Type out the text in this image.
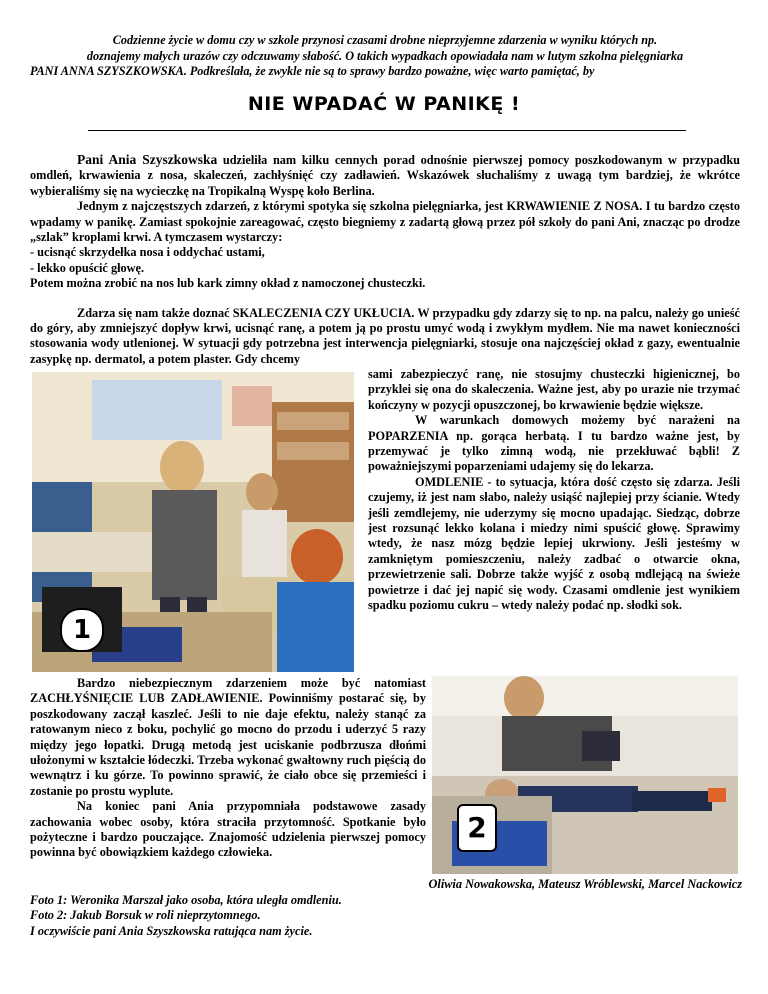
Codzienne życie w domu czy w szkole przynosi czasami drobne nieprzyjemne zdarzenia w wyniku których np.
doznajemy małych urazów czy odczuwamy słabość. O takich wypadkach opowiadała nam w lutym szkolna pielęgniarka
PANI ANNA SZYSZKOWSKA. Podkreślała, że zwykle nie są to sprawy bardzo poważne, więc warto pamiętać, by
NIE WPADAĆ W PANIKĘ !

Pani Ania Szyszkowska udzieliła nam kilku cennych porad odnośnie pierwszej pomocy poszkodowanym w przypadku omdleń, krwawienia z nosa, skaleczeń, zachłyśnięć czy zadławień. Wskazówek słuchaliśmy z uwagą tym bardziej, że wkrótce wybieraliśmy się na wycieczkę na Tropikalną Wyspę koło Berlina.

Jednym z najczęstszych zdarzeń, z którymi spotyka się szkolna pielęgniarka, jest KRWAWIENIE Z NOSA. I tu bardzo często wpadamy w panikę. Zamiast spokojnie zareagować, często biegniemy z zadartą głową przez pół szkoły do pani Ani, znacząc po drodze „szlak” kroplami krwi. A tymczasem wystarczy:

- ucisnąć skrzydełka nosa i oddychać ustami,

- lekko opuścić głowę.

Potem można zrobić na nos lub kark zimny okład z namoczonej chusteczki.

Zdarza się nam także doznać SKALECZENIA CZY UKŁUCIA. W przypadku gdy zdarzy się to np. na palcu, należy go unieść do góry, aby zmniejszyć dopływ krwi, ucisnąć ranę, a potem ją po prostu umyć wodą i zwykłym mydłem. Nie ma nawet konieczności stosowania wody utlenionej. W sytuacji gdy potrzebna jest interwencja pielęgniarki, stosuje ona najczęściej okład z gazy, ewentualnie zasypkę np. dermatol, a potem plaster. Gdy chcemy

1

sami zabezpieczyć ranę, nie stosujmy chusteczki higienicznej, bo przyklei się ona do skaleczenia. Ważne jest, aby po urazie nie trzymać kończyny w pozycji opuszczonej, bo krwawienie będzie większe.

W warunkach domowych możemy być narażeni na POPARZENIA np. gorąca herbatą. I tu bardzo ważne jest, by przemywać je tylko zimną wodą, nie przekłuwać bąbli! Z poważniejszymi poparzeniami udajemy się do lekarza.

OMDLENIE - to sytuacja, która dość często się zdarza. Jeśli czujemy, iż jest nam słabo, należy usiąść najlepiej przy ścianie. Wtedy jeśli zemdlejemy, nie uderzymy się mocno upadając. Siedząc, dobrze jest rozsunąć lekko kolana i miedzy nimi spuścić głowę. Sprawimy wtedy, że nasz mózg będzie lepiej ukrwiony. Jeśli jesteśmy w zamkniętym pomieszczeniu, należy zadbać o otwarcie okna, przewietrzenie sali. Dobrze także wyjść z osobą mdlejącą na świeże powietrze i dać jej napić się wody. Czasami omdlenie jest wynikiem spadku poziomu cukru – wtedy należy podać np. słodki sok.

Bardzo niebezpiecznym zdarzeniem może być natomiast ZACHŁYŚNIĘCIE LUB ZADŁAWIENIE. Powinniśmy postarać się, by poszkodowany zaczął kaszleć. Jeśli to nie daje efektu, należy stanąć za ratowanym nieco z boku, pochylić go mocno do przodu i uderzyć 5 razy między jego łopatki. Drugą metodą jest uciskanie podbrzusza dłońmi ułożonymi w kształcie łódeczki. Trzeba wykonać gwałtowny ruch pięścią do wewnątrz i ku górze. To powinno sprawić, że ciało obce się przemieści i zostanie po prostu wyplute.

Na koniec pani Ania przypomniała podstawowe zasady zachowania wobec osoby, która straciła przytomność. Spotkanie było pożyteczne i bardzo pouczające. Znajomość udzielenia pierwszej pomocy powinna być obowiązkiem każdego człowieka.

2
Oliwia Nowakowska, Mateusz Wróblewski, Marcel Nackowicz
Foto 1: Weronika Marszał jako osoba, która uległa omdleniu.
Foto 2: Jakub Borsuk w roli nieprzytomnego.
I oczywiście pani Ania Szyszkowska ratująca nam życie.
